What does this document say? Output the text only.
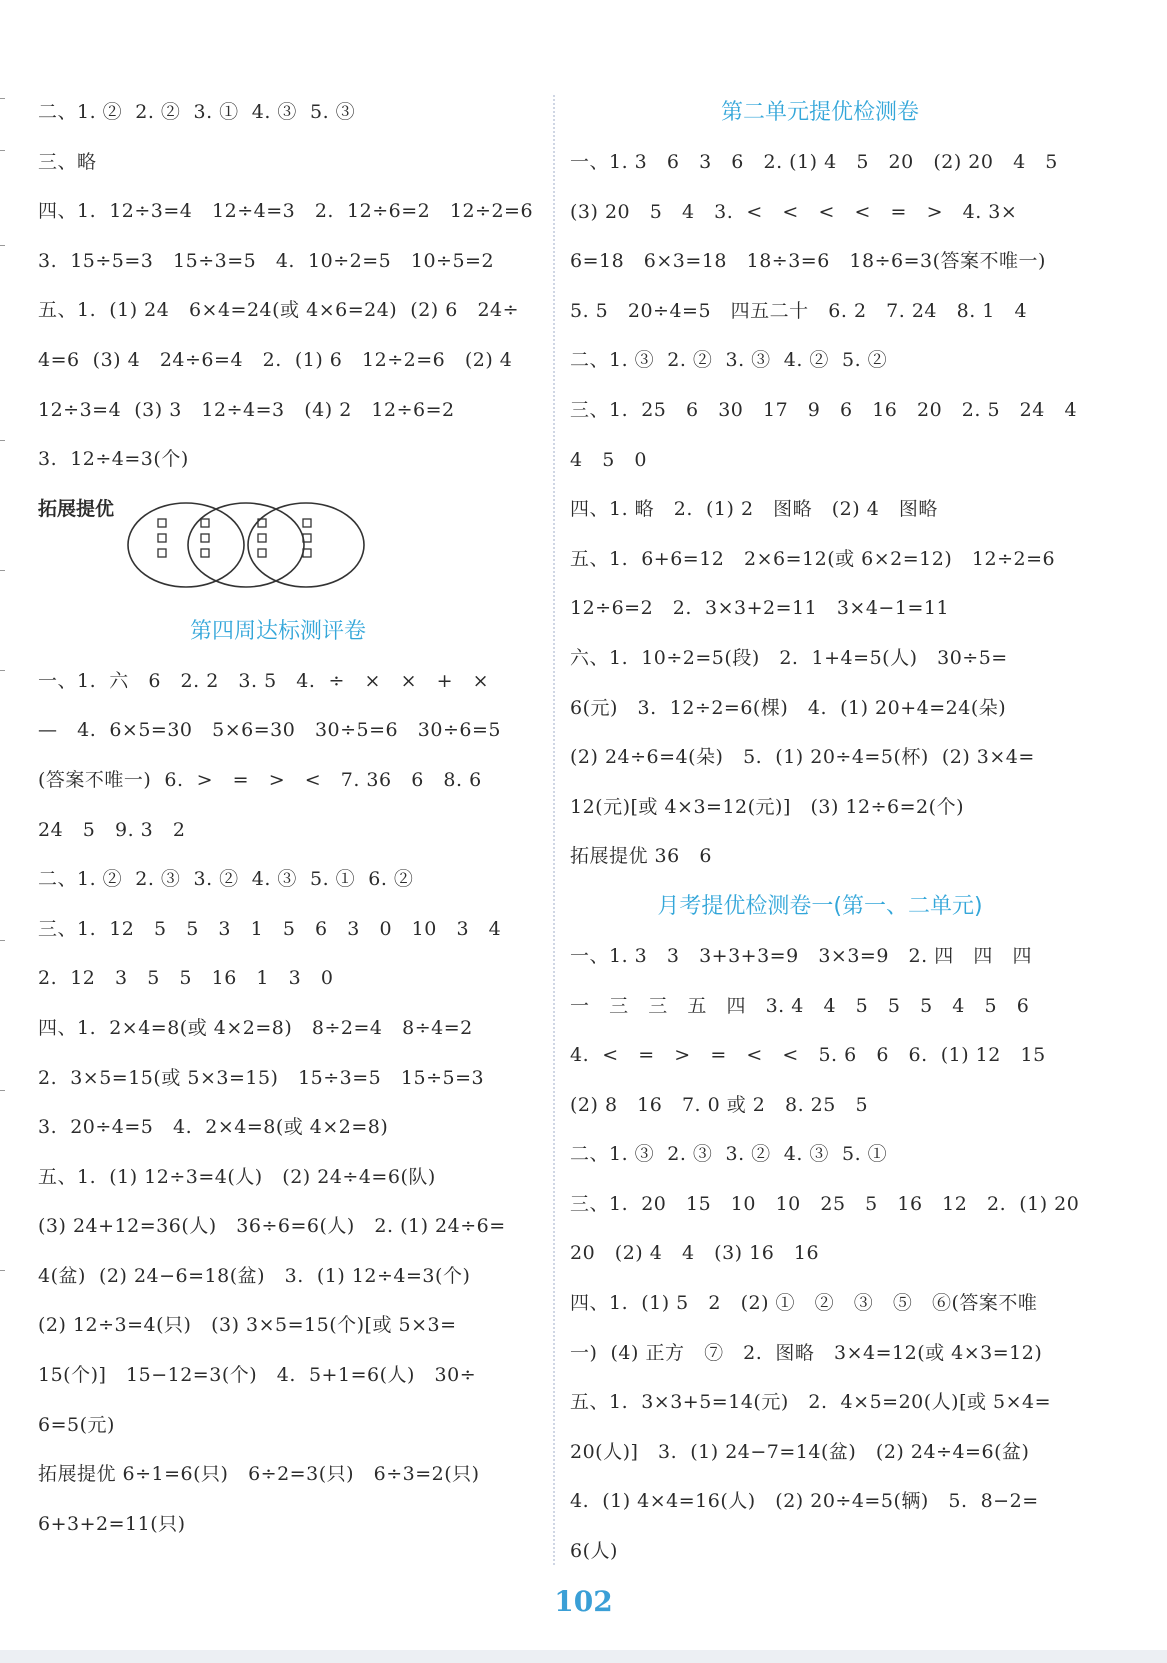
二、1. ②  2. ②  3. ①  4. ③  5. ③
三、略
四、1.  12÷3=4   12÷4=3   2.  12÷6=2   12÷2=6
3.  15÷5=3   15÷3=5   4.  10÷2=5   10÷5=2
五、1.  (1) 24   6×4=24(或 4×6=24)  (2) 6   24÷
4=6  (3) 4   24÷6=4   2.  (1) 6   12÷2=6   (2) 4
12÷3=4  (3) 3   12÷4=3   (4) 2   12÷6=2
3.  12÷4=3(个)
拓展提优
第四周达标测评卷
一、1.  六   6   2. 2   3. 5   4.  ÷   ×   ×   +   ×
—   4.  6×5=30   5×6=30   30÷5=6   30÷6=5
(答案不唯一)  6.  >   =   >   <   7. 36   6   8. 6
24   5   9. 3   2
二、1. ②  2. ③  3. ②  4. ③  5. ①  6. ②
三、1.  12   5   5   3   1   5   6   3   0   10   3   4
2.  12   3   5   5   16   1   3   0
四、1.  2×4=8(或 4×2=8)   8÷2=4   8÷4=2
2.  3×5=15(或 5×3=15)   15÷3=5   15÷5=3
3.  20÷4=5   4.  2×4=8(或 4×2=8)
五、1.  (1) 12÷3=4(人)   (2) 24÷4=6(队)
(3) 24+12=36(人)   36÷6=6(人)   2. (1) 24÷6=
4(盆)  (2) 24−6=18(盆)   3.  (1) 12÷4=3(个)
(2) 12÷3=4(只)   (3) 3×5=15(个)[或 5×3=
15(个)]   15−12=3(个)   4.  5+1=6(人)   30÷
6=5(元)
拓展提优 6÷1=6(只)   6÷2=3(只)   6÷3=2(只)
6+3+2=11(只)
第二单元提优检测卷
一、1. 3   6   3   6   2. (1) 4   5   20   (2) 20   4   5
(3) 20   5   4   3.  <   <   <   <   =   >   4. 3×
6=18   6×3=18   18÷3=6   18÷6=3(答案不唯一)
5. 5   20÷4=5   四五二十   6. 2   7. 24   8. 1   4
二、1. ③  2. ②  3. ③  4. ②  5. ②
三、1.  25   6   30   17   9   6   16   20   2. 5   24   4
4   5   0
四、1. 略   2.  (1) 2   图略   (2) 4   图略
五、1.  6+6=12   2×6=12(或 6×2=12)   12÷2=6
12÷6=2   2.  3×3+2=11   3×4−1=11
六、1.  10÷2=5(段)   2.  1+4=5(人)   30÷5=
6(元)   3.  12÷2=6(棵)   4.  (1) 20+4=24(朵)
(2) 24÷6=4(朵)   5.  (1) 20÷4=5(杯)  (2) 3×4=
12(元)[或 4×3=12(元)]   (3) 12÷6=2(个)
拓展提优 36   6
月考提优检测卷一(第一、二单元)
一、1. 3   3   3+3+3=9   3×3=9   2. 四   四   四
一   三   三   五   四   3. 4   4   5   5   5   4   5   6
4.  <   =   >   =   <   <   5. 6   6   6.  (1) 12   15
(2) 8   16   7. 0 或 2   8. 25   5
二、1. ③  2. ③  3. ②  4. ③  5. ①
三、1.  20   15   10   10   25   5   16   12   2.  (1) 20
20   (2) 4   4   (3) 16   16
四、1.  (1) 5   2   (2) ①   ②   ③   ⑤   ⑥(答案不唯
一)  (4) 正方   ⑦   2.  图略   3×4=12(或 4×3=12)
五、1.  3×3+5=14(元)   2.  4×5=20(人)[或 5×4=
20(人)]   3.  (1) 24−7=14(盆)   (2) 24÷4=6(盆)
4.  (1) 4×4=16(人)   (2) 20÷4=5(辆)   5.  8−2=
6(人)
102
